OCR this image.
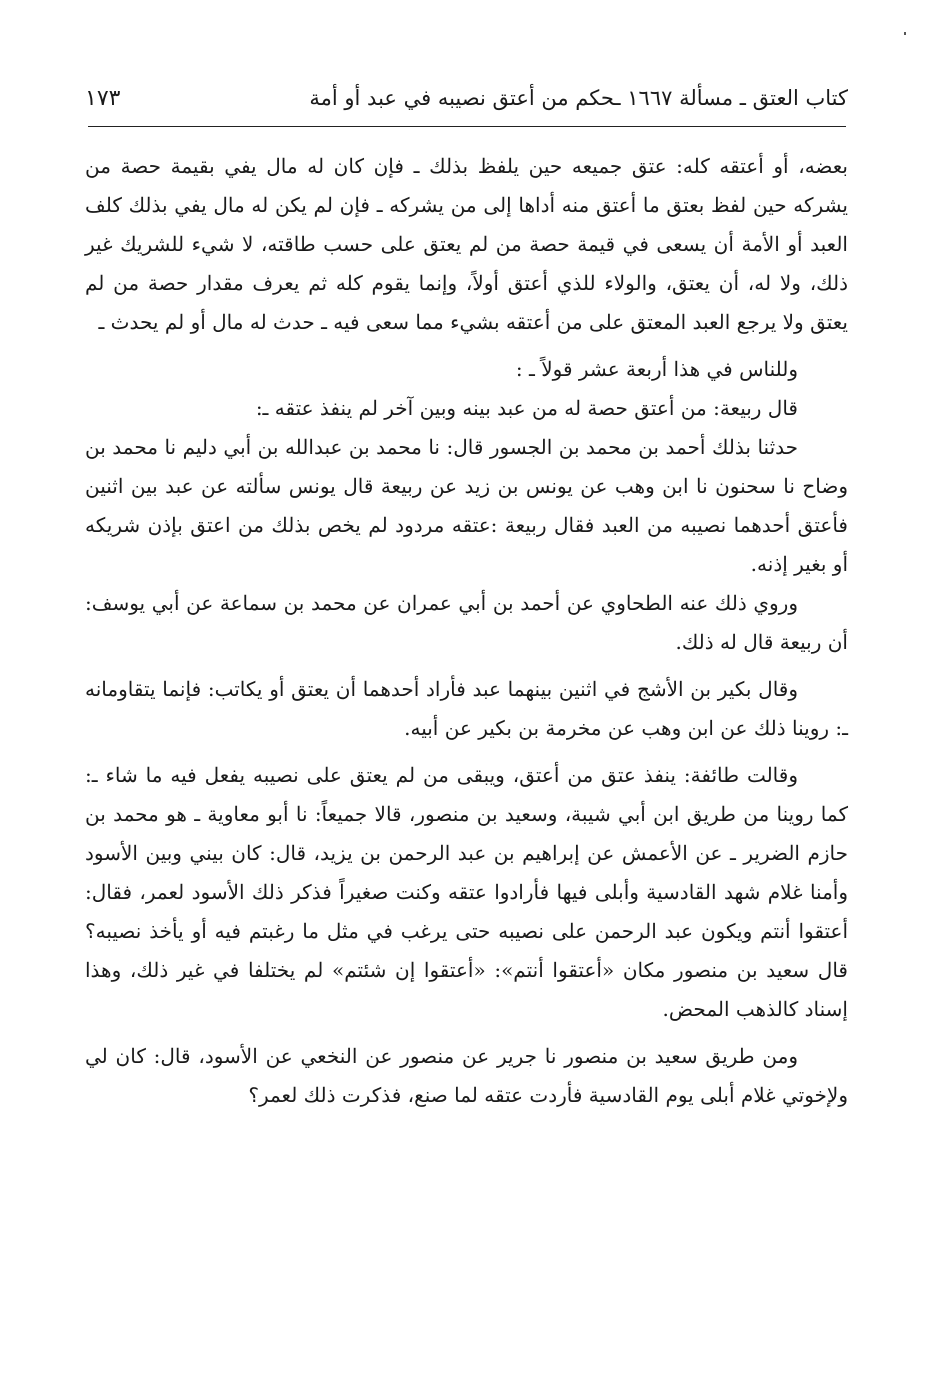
كتاب العتق ـ مسألة ١٦٦٧ ـحكم من أعتق نصيبه في عبد أو أمة
١٧٣

بعضه، أو أعتقه كله: عتق جميعه حين يلفظ بذلك ـ فإن كان له مال يفي بقيمة حصة من يشركه حين لفظ بعتق ما أعتق منه أداها إلى من يشركه ـ فإن لم يكن له مال يفي بذلك كلف العبد أو الأمة أن يسعى في قيمة حصة من لم يعتق على حسب طاقته، لا شيء للشريك غير ذلك، ولا له، أن يعتق، والولاء للذي أعتق أولاً، وإنما يقوم كله ثم يعرف مقدار حصة من لم يعتق ولا يرجع العبد المعتق على من أعتقه بشيء مما سعى فيه ـ حدث له مال أو لم يحدث ـ

وللناس في هذا أربعة عشر قولاً ـ :

قال ربيعة: من أعتق حصة له من عبد بينه وبين آخر لم ينفذ عتقه ـ:

حدثنا بذلك أحمد بن محمد بن الجسور قال: نا محمد بن عبدالله بن أبي دليم نا محمد بن وضاح نا سحنون نا ابن وهب عن يونس بن زيد عن ربيعة قال يونس سألته عن عبد بين اثنين فأعتق أحدهما نصيبه من العبد فقال ربيعة :عتقه مردود لم يخص بذلك من اعتق بإذن شريكه أو بغير إذنه.

وروي ذلك عنه الطحاوي عن أحمد بن أبي عمران عن محمد بن سماعة عن أبي يوسف: أن ربيعة قال له ذلك.

وقال بكير بن الأشج في اثنين بينهما عبد فأراد أحدهما أن يعتق أو يكاتب: فإنما يتقاومانه ـ: روينا ذلك عن ابن وهب عن مخرمة بن بكير عن أبيه.

وقالت طائفة: ينفذ عتق من أعتق، ويبقى من لم يعتق على نصيبه يفعل فيه ما شاء ـ: كما روينا من طريق ابن أبي شيبة، وسعيد بن منصور، قالا جميعاً: نا أبو معاوية ـ هو محمد بن حازم الضرير ـ عن الأعمش عن إبراهيم بن عبد الرحمن بن يزيد، قال: كان بيني وبين الأسود وأمنا غلام شهد القادسية وأبلى فيها فأرادوا عتقه وكنت صغيراً فذكر ذلك الأسود لعمر، فقال: أعتقوا أنتم ويكون عبد الرحمن على نصيبه حتى يرغب في مثل ما رغبتم فيه أو يأخذ نصيبه؟ قال سعيد بن منصور مكان «أعتقوا أنتم»: «أعتقوا إن شئتم» لم يختلفا في غير ذلك، وهذا إسناد كالذهب المحض.

ومن طريق سعيد بن منصور نا جرير عن منصور عن النخعي عن الأسود، قال: كان لي ولإخوتي غلام أبلى يوم القادسية فأردت عتقه لما صنع، فذكرت ذلك لعمر؟
